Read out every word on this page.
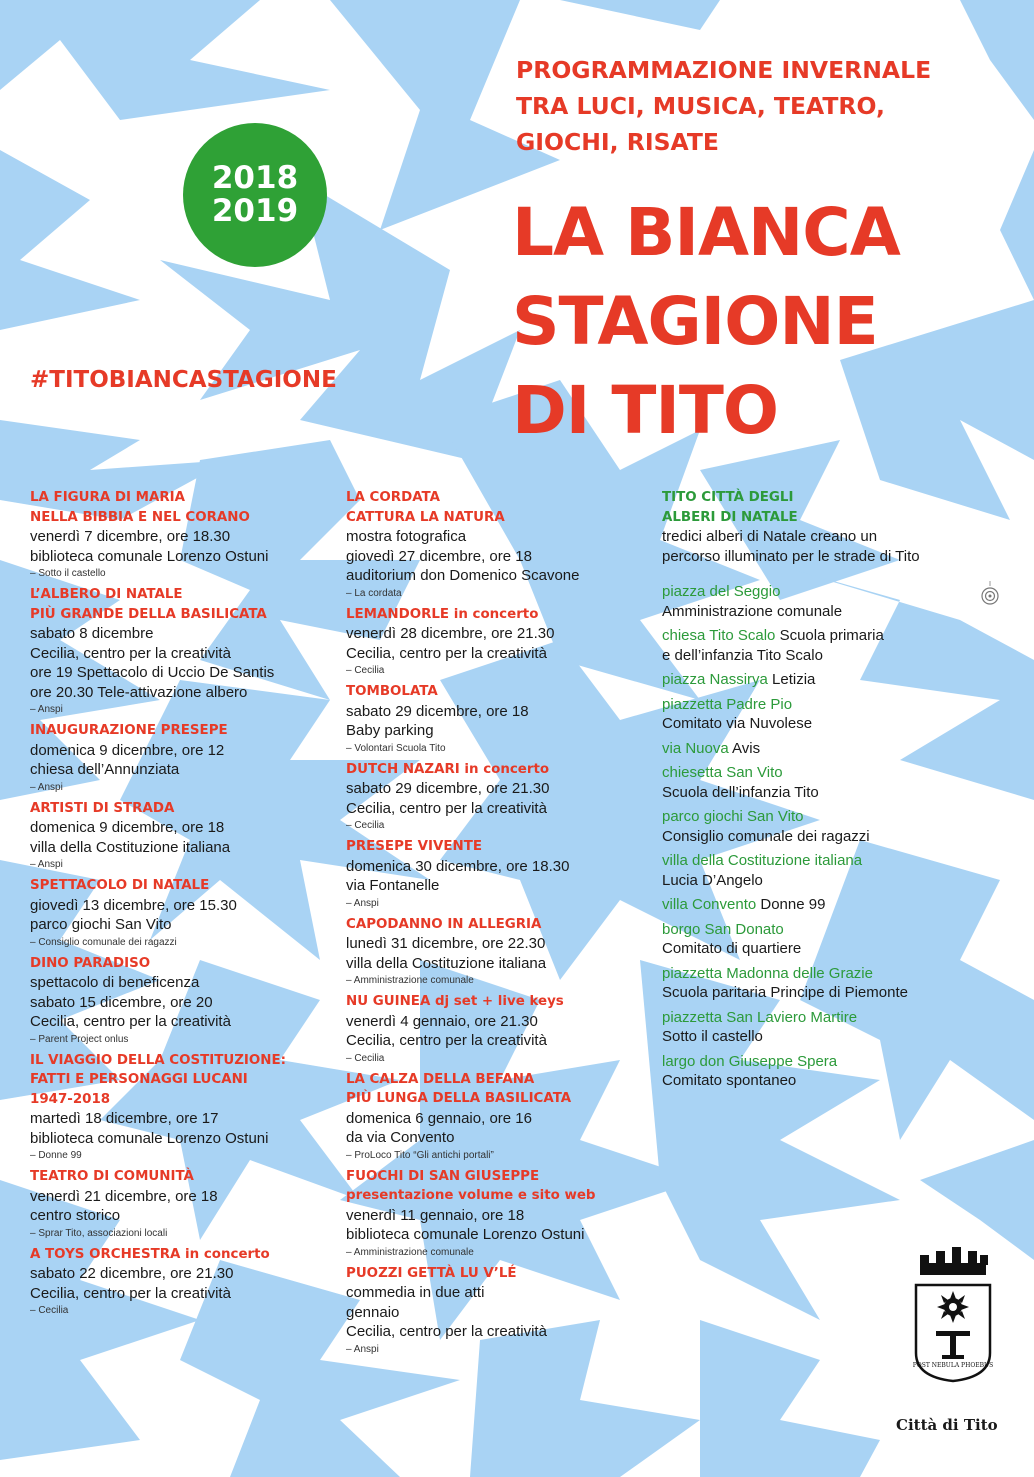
2018
2019
PROGRAMMAZIONE INVERNALE
TRA LUCI, MUSICA, TEATRO,
GIOCHI, RISATE
LA BIANCA
STAGIONE
DI TITO
#TITOBIANCASTAGIONE
LA FIGURA DI MARIA
NELLA BIBBIA E NEL CORANO
venerdì 7 dicembre, ore 18.30
biblioteca comunale Lorenzo Ostuni
– Sotto il castello
L’ALBERO DI NATALE
PIÙ GRANDE DELLA BASILICATA
sabato 8 dicembre
Cecilia, centro per la creatività
ore 19 Spettacolo di Uccio De Santis
ore 20.30 Tele-attivazione albero
– Anspi
INAUGURAZIONE PRESEPE
domenica 9 dicembre, ore 12
chiesa dell’Annunziata
– Anspi
ARTISTI DI STRADA
domenica 9 dicembre, ore 18
villa della Costituzione italiana
– Anspi
SPETTACOLO DI NATALE
giovedì 13 dicembre, ore 15.30
parco giochi San Vito
– Consiglio comunale dei ragazzi
DINO PARADISO
spettacolo di beneficenza
sabato 15 dicembre, ore 20
Cecilia, centro per la creatività
– Parent Project onlus
IL VIAGGIO DELLA COSTITUZIONE:
FATTI E PERSONAGGI LUCANI
1947-2018
martedì 18 dicembre, ore 17
biblioteca comunale Lorenzo Ostuni
– Donne 99
TEATRO DI COMUNITÀ
venerdì 21 dicembre, ore 18
centro storico
– Sprar Tito, associazioni locali
A TOYS ORCHESTRA in concerto
sabato 22 dicembre, ore 21.30
Cecilia, centro per la creatività
– Cecilia
LA CORDATA
CATTURA LA NATURA
mostra fotografica
giovedì 27 dicembre, ore 18
auditorium don Domenico Scavone
– La cordata
LEMANDORLE in concerto
venerdì 28 dicembre, ore 21.30
Cecilia, centro per la creatività
– Cecilia
TOMBOLATA
sabato 29 dicembre, ore 18
Baby parking
– Volontari Scuola Tito
DUTCH NAZARI in concerto
sabato 29 dicembre, ore 21.30
Cecilia, centro per la creatività
– Cecilia
PRESEPE VIVENTE
domenica 30 dicembre, ore 18.30
via Fontanelle
– Anspi
CAPODANNO IN ALLEGRIA
lunedì 31 dicembre, ore 22.30
villa della Costituzione italiana
– Amministrazione comunale
NU GUINEA dj set + live keys
venerdì 4 gennaio, ore 21.30
Cecilia, centro per la creatività
– Cecilia
LA CALZA DELLA BEFANA
PIÙ LUNGA DELLA BASILICATA
domenica 6 gennaio, ore 16
da via Convento
– ProLoco Tito “Gli antichi portali”
FUOCHI DI SAN GIUSEPPE
presentazione volume e sito web
venerdì 11 gennaio, ore 18
biblioteca comunale Lorenzo Ostuni
– Amministrazione comunale
PUOZZI GETTÀ LU V’LÉ
commedia in due atti
gennaio
Cecilia, centro per la creatività
– Anspi
TITO CITTÀ DEGLI
ALBERI DI NATALE
tredici alberi di Natale creano un
percorso illuminato per le strade di Tito
piazza del Seggio
Amministrazione comunale
chiesa Tito Scalo Scuola primaria
e dell’infanzia Tito Scalo
piazza Nassirya Letizia
piazzetta Padre Pio
Comitato via Nuvolese
via Nuova Avis
chiesetta San Vito
Scuola dell’infanzia Tito
parco giochi San Vito
Consiglio comunale dei ragazzi
villa della Costituzione italiana
Lucia D’Angelo
villa Convento Donne 99
borgo San Donato
Comitato di quartiere
piazzetta Madonna delle Grazie
Scuola paritaria Principe di Piemonte
piazzetta San Laviero Martire
Sotto il castello
largo don Giuseppe Spera
Comitato spontaneo
POST NEBULA PHOEBUS
Città di Tito
